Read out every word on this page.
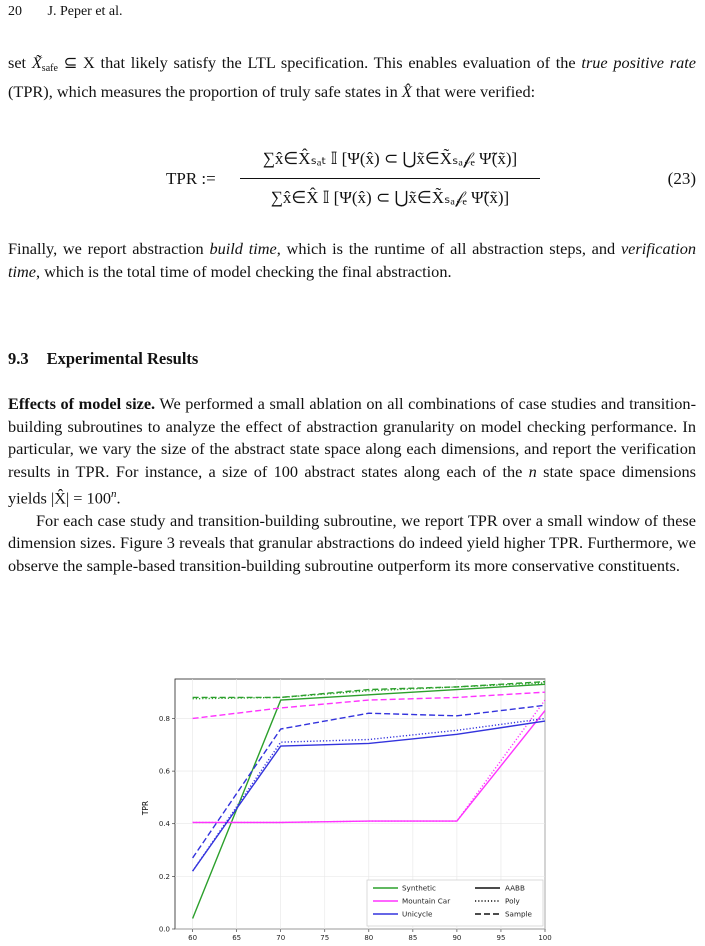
20 J. Peper et al.

set $X̃_{safe}$ ⊆ X that likely satisfy the LTL specification. This enables evaluation of the true positive rate (TPR), which measures the proportion of truly safe states in X̂ that were verified:

TPR :=
∑x̂∈X̂ₛₐₜ 𝕀 [Ψ(x̂) ⊂ ⋃x̃∈X̃ₛₐ𝒻ₑ Ψ̃(x̃)]
∑x̂∈X̂ 𝕀 [Ψ(x̂) ⊂ ⋃x̃∈X̃ₛₐ𝒻ₑ Ψ̃(x̃)]
(23)

Finally, we report abstraction build time, which is the runtime of all abstraction steps, and verification time, which is the total time of model checking the final abstraction.

9.3 Experimental Results

Effects of model size. We performed a small ablation on all combinations of case studies and transition-building subroutines to analyze the effect of abstraction granularity on model checking performance. In particular, we vary the size of the abstract state space along each dimensions, and report the verification results in TPR. For instance, a size of 100 abstract states along each of the n state space dimensions yields |X̂| = $100^n$.

For each case study and transition-building subroutine, we report TPR over a small window of these dimension sizes. Figure 3 reveals that granular abstractions do indeed yield higher TPR. Furthermore, we observe the sample-based transition-building subroutine outperform its more conservative constituents.

60	65	70	75	80	85	90	95	100
0.0
0.2
0.4
0.6
0.8
TPR
Synthetic
Mountain Car
Unicycle
AABB
Poly
Sample
